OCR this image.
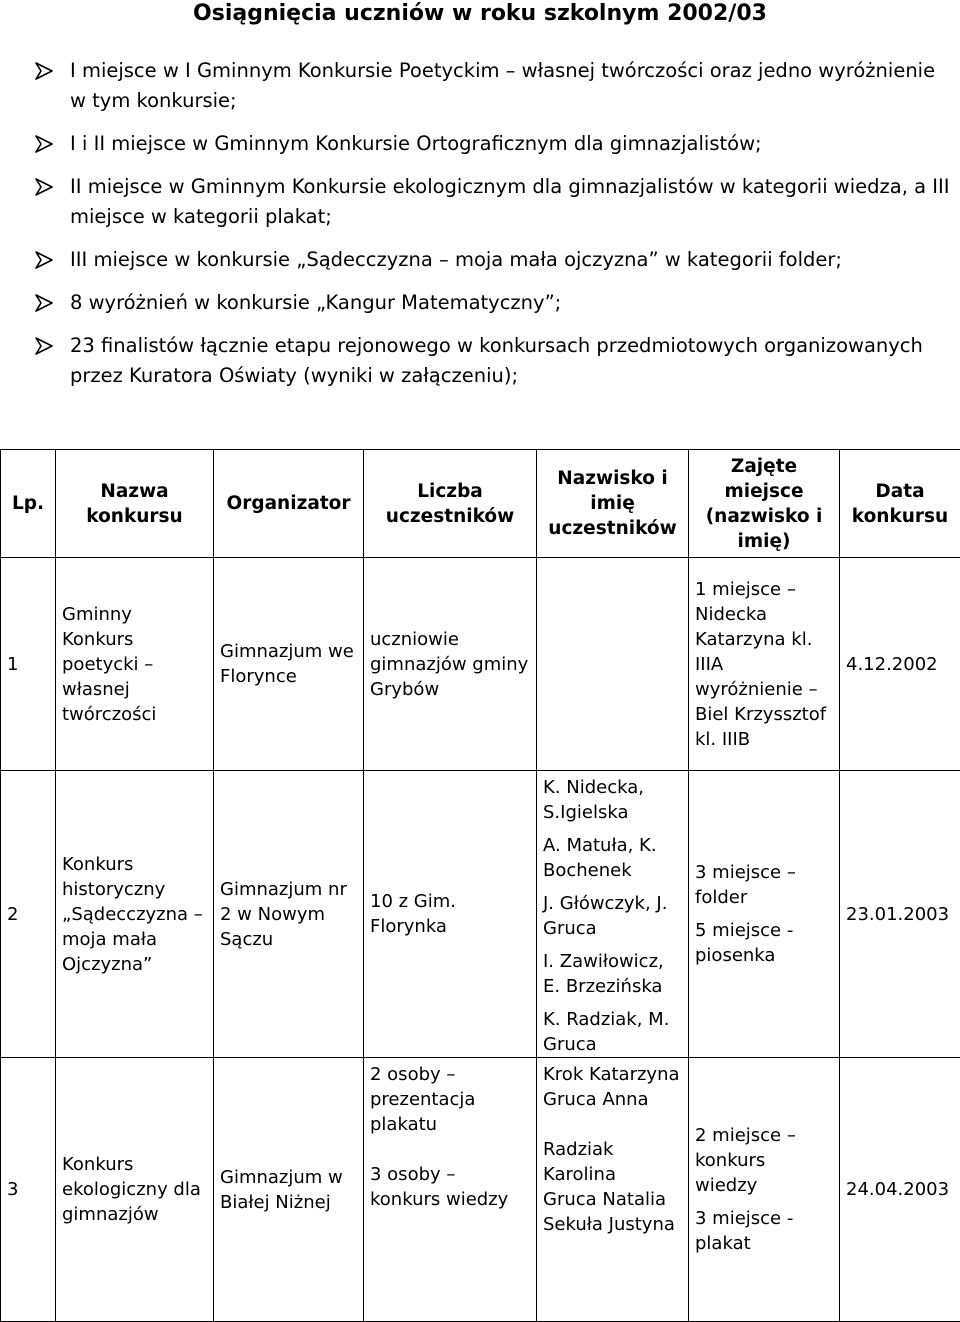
Osiągnięcia uczniów w roku szkolnym 2002/03
I miejsce w I Gminnym Konkursie Poetyckim – własnej twórczości oraz jedno wyróżnienie w tym konkursie;
I i II miejsce w Gminnym Konkursie Ortograficznym dla gimnazjalistów;
II miejsce w Gminnym Konkursie ekologicznym dla gimnazjalistów w kategorii wiedza, a III miejsce w kategorii plakat;
III miejsce w konkursie „Sądecczyzna – moja mała ojczyzna” w kategorii folder;
8 wyróżnień w konkursie „Kangur Matematyczny”;
23 finalistów łącznie etapu rejonowego w konkursach przedmiotowych organizowanych przez Kuratora Oświaty (wyniki w załączeniu);
Lp.	Nazwa konkursu	Organizator	Liczba uczestników	Nazwisko i imię uczestników	Zajęte miejsce (nazwisko i imię)	Data konkursu
1	Gminny Konkurs poetycki – własnej twórczości	Gimnazjum we Florynce	uczniowie gimnazjów gminy Grybów		1 miejsce – Nidecka Katarzyna kl. IIIA
wyróżnienie – Biel Krzyssztof kl. IIIB	4.12.2002
2	Konkurs historyczny „Sądecczyzna – moja mała Ojczyzna”	Gimnazjum nr 2 w Nowym Sączu	10 z Gim. Florynka	K. Nidecka, S.Igielska
A. Matuła, K. Bochenek
J. Główczyk, J. Gruca
I. Zawiłowicz, E. Brzezińska
K. Radziak, M. Gruca	3 miejsce – folder
5 miejsce - piosenka	23.01.2003
3	Konkurs ekologiczny dla gimnazjów	Gimnazjum w Białej Niżnej	2 osoby – prezentacja plakatu
3 osoby – konkurs wiedzy	Krok Katarzyna
Gruca Anna
Radziak Karolina
Gruca Natalia
Sekuła Justyna	2 miejsce – konkurs wiedzy
3 miejsce - plakat	24.04.2003
